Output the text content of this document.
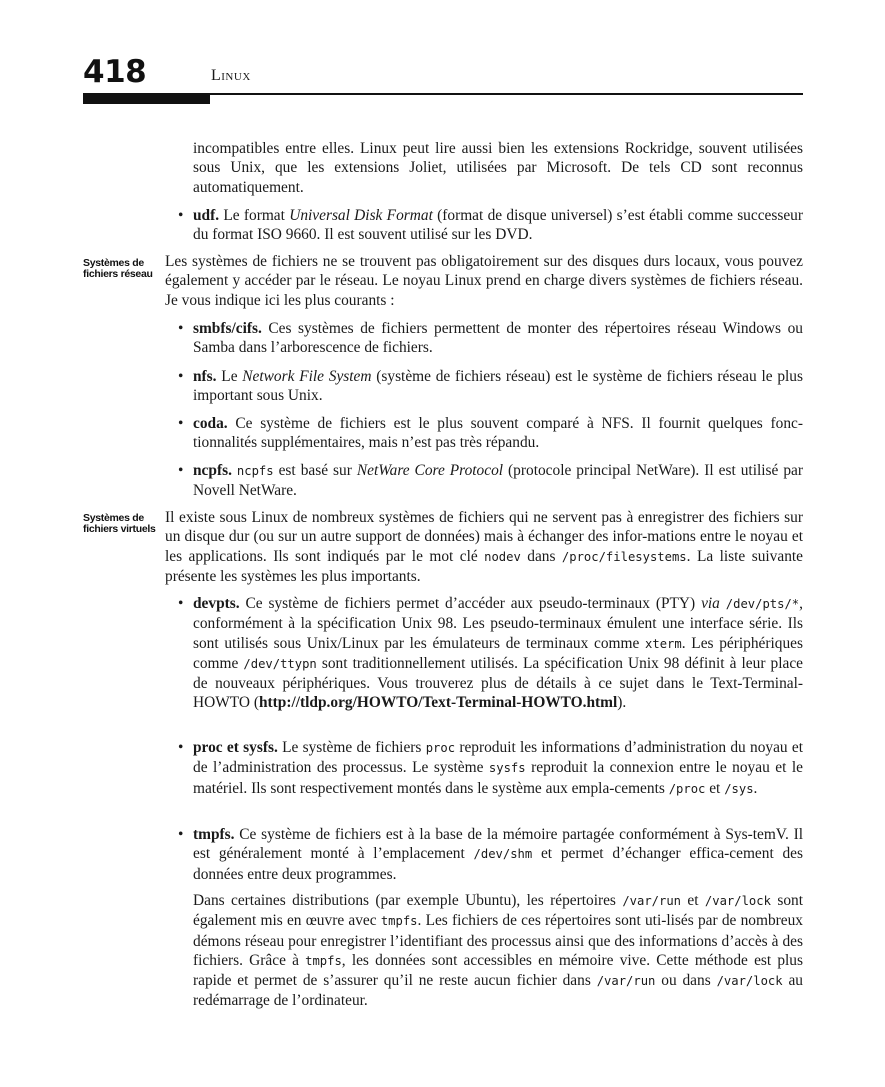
418	Linux
incompatibles entre elles. Linux peut lire aussi bien les extensions Rockridge, souvent utilisées sous Unix, que les extensions Joliet, utilisées par Microsoft. De tels CD sont reconnus automatiquement.
• udf. Le format Universal Disk Format (format de disque universel) s’est établi comme successeur du format ISO 9660. Il est souvent utilisé sur les DVD.
Systèmes de fichiers réseau
Les systèmes de fichiers ne se trouvent pas obligatoirement sur des disques durs locaux, vous pouvez également y accéder par le réseau. Le noyau Linux prend en charge divers systèmes de fichiers réseau. Je vous indique ici les plus courants :
• smbfs/cifs. Ces systèmes de fichiers permettent de monter des répertoires réseau Windows ou Samba dans l’arborescence de fichiers.
• nfs. Le Network File System (système de fichiers réseau) est le système de fichiers réseau le plus important sous Unix.
• coda. Ce système de fichiers est le plus souvent comparé à NFS. Il fournit quelques fonc-tionnalités supplémentaires, mais n’est pas très répandu.
• ncpfs. ncpfs est basé sur NetWare Core Protocol (protocole principal NetWare). Il est utilisé par Novell NetWare.
Systèmes de fichiers virtuels
Il existe sous Linux de nombreux systèmes de fichiers qui ne servent pas à enregistrer des fichiers sur un disque dur (ou sur un autre support de données) mais à échanger des infor-mations entre le noyau et les applications. Ils sont indiqués par le mot clé nodev dans /proc/filesystems. La liste suivante présente les systèmes les plus importants.
• devpts. Ce système de fichiers permet d’accéder aux pseudo-terminaux (PTY) via /dev/pts/*, conformément à la spécification Unix 98. Les pseudo-terminaux émulent une interface série. Ils sont utilisés sous Unix/Linux par les émulateurs de terminaux comme xterm. Les périphériques comme /dev/ttypn sont traditionnellement utilisés. La spécification Unix 98 définit à leur place de nouveaux périphériques. Vous trouverez plus de détails à ce sujet dans le Text-Terminal-HOWTO (http://tldp.org/HOWTO/Text-Terminal-HOWTO.html).
• proc et sysfs. Le système de fichiers proc reproduit les informations d’administration du noyau et de l’administration des processus. Le système sysfs reproduit la connexion entre le noyau et le matériel. Ils sont respectivement montés dans le système aux empla-cements /proc et /sys.
• tmpfs. Ce système de fichiers est à la base de la mémoire partagée conformément à Sys-temV. Il est généralement monté à l’emplacement /dev/shm et permet d’échanger effica-cement des données entre deux programmes.
Dans certaines distributions (par exemple Ubuntu), les répertoires /var/run et /var/lock sont également mis en œuvre avec tmpfs. Les fichiers de ces répertoires sont uti-lisés par de nombreux démons réseau pour enregistrer l’identifiant des processus ainsi que des informations d’accès à des fichiers. Grâce à tmpfs, les données sont accessibles en mémoire vive. Cette méthode est plus rapide et permet de s’assurer qu’il ne reste aucun fichier dans /var/run ou dans /var/lock au redémarrage de l’ordinateur.
